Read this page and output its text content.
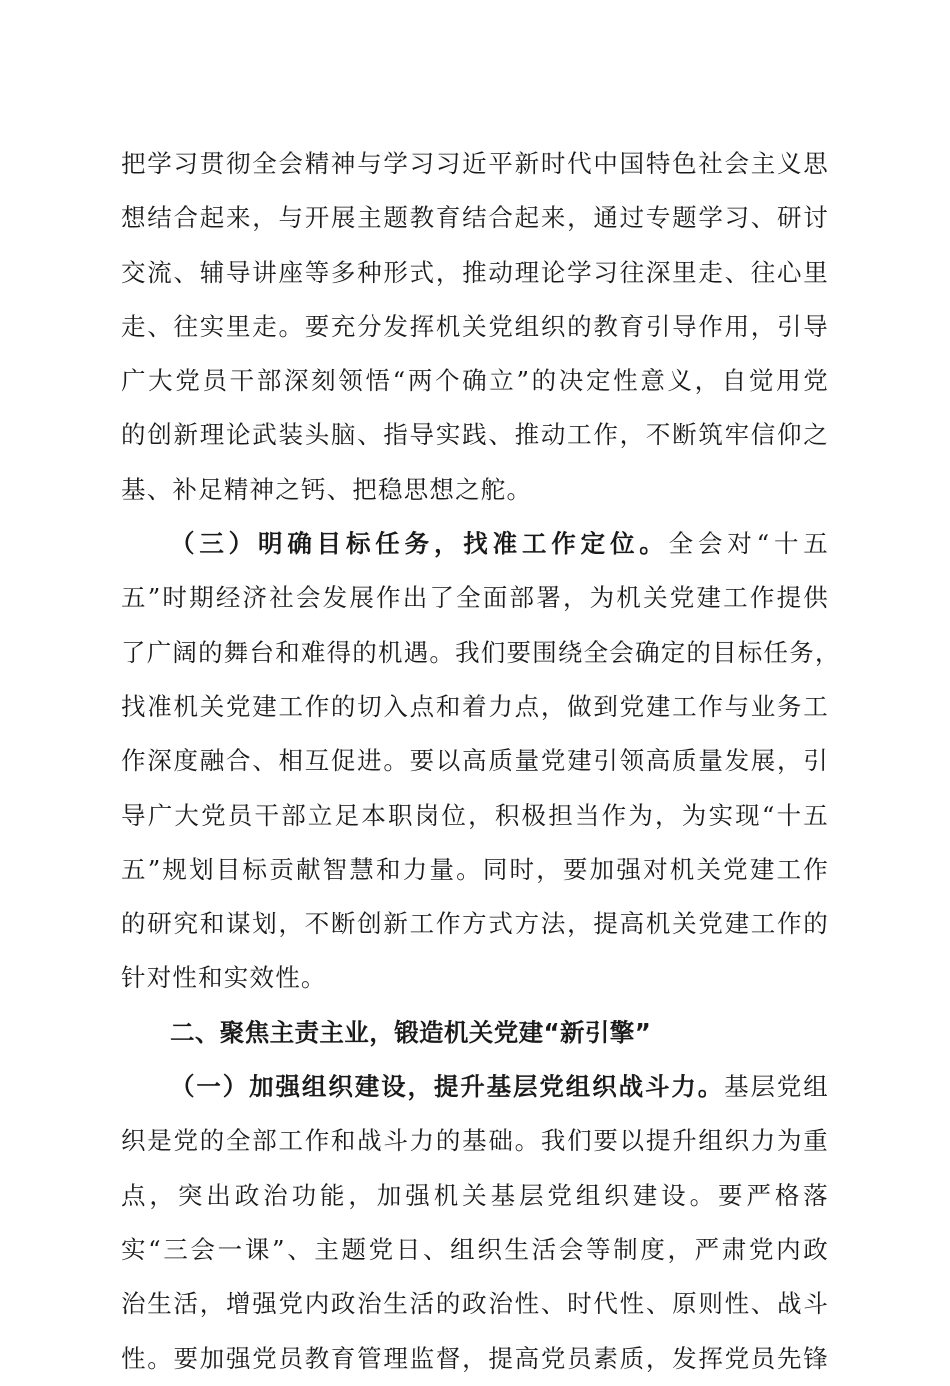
把学习贯彻全会精神与学习习近平新时代中国特色社会主义思
想结合起来，与开展主题教育结合起来，通过专题学习、研讨
交流、辅导讲座等多种形式，推动理论学习往深里走、往心里
走、往实里走。要充分发挥机关党组织的教育引导作用，引导
广大党员干部深刻领悟“两个确立”的决定性意义，自觉用党
的创新理论武装头脑、指导实践、推动工作，不断筑牢信仰之
基、补足精神之钙、把稳思想之舵。

（三）明确目标任务，找准工作定位。全会对“十五
五”时期经济社会发展作出了全面部署，为机关党建工作提供
了广阔的舞台和难得的机遇。我们要围绕全会确定的目标任务，
找准机关党建工作的切入点和着力点，做到党建工作与业务工
作深度融合、相互促进。要以高质量党建引领高质量发展，引
导广大党员干部立足本职岗位，积极担当作为，为实现“十五
五”规划目标贡献智慧和力量。同时，要加强对机关党建工作
的研究和谋划，不断创新工作方式方法，提高机关党建工作的
针对性和实效性。

二、聚焦主责主业，锻造机关党建“新引擎”

（一）加强组织建设，提升基层党组织战斗力。基层党组
织是党的全部工作和战斗力的基础。我们要以提升组织力为重
点，突出政治功能，加强机关基层党组织建设。要严格落
实“三会一课”、主题党日、组织生活会等制度，严肃党内政
治生活，增强党内政治生活的政治性、时代性、原则性、战斗
性。要加强党员教育管理监督，提高党员素质，发挥党员先锋
